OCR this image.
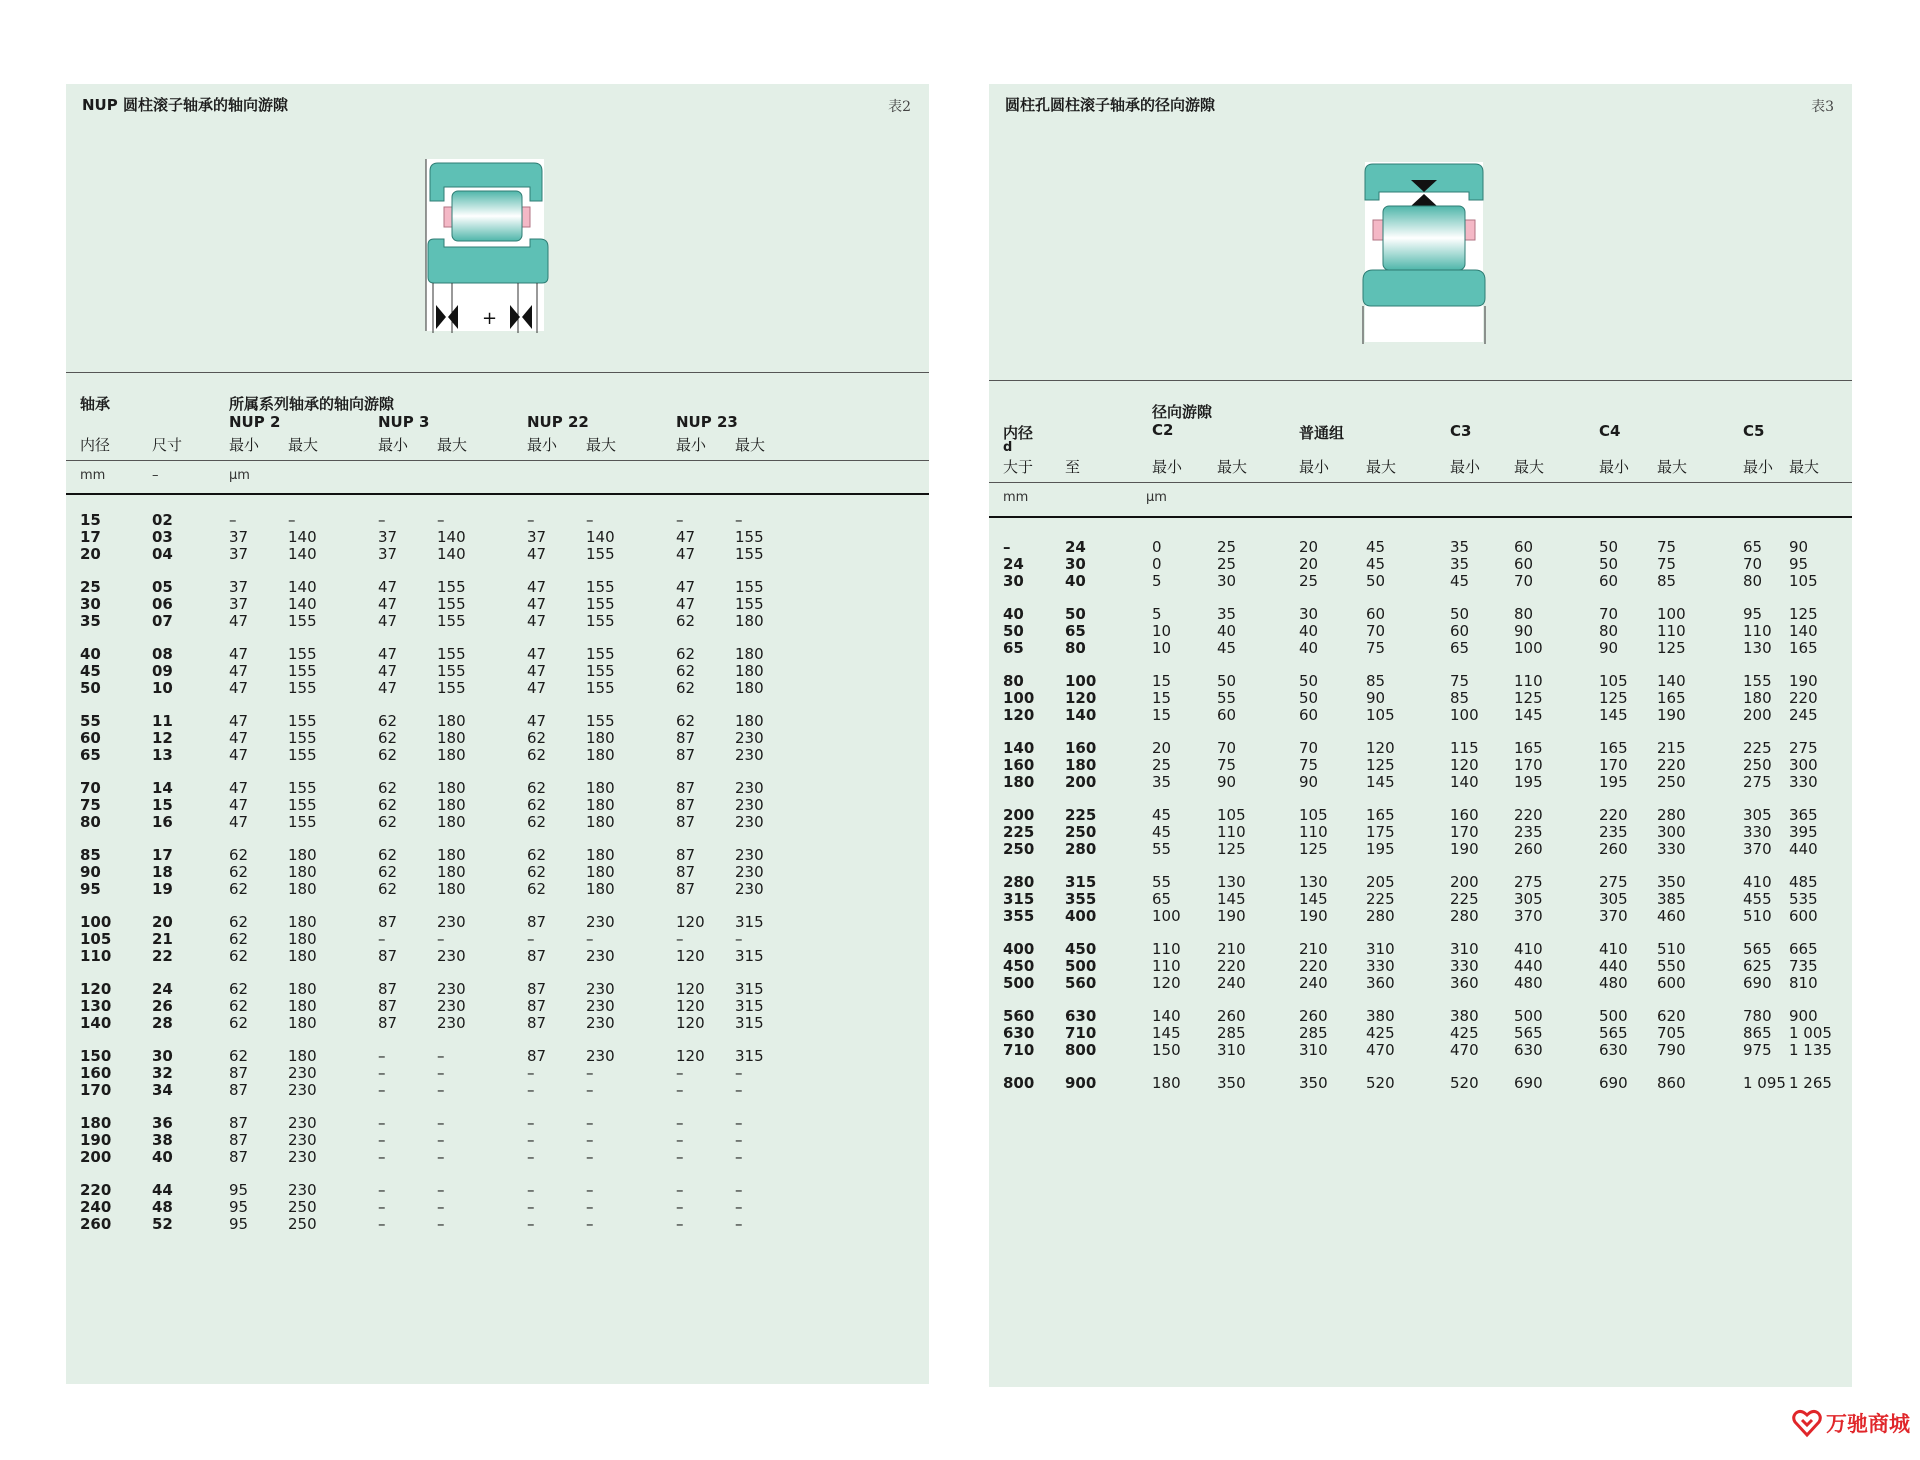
NUP 圆柱滚子轴承的轴向游隙	表2
+
轴承	所属系列轴承的轴向游隙
NUP 2	NUP 3	NUP 22	NUP 23
内径	尺寸	最小 最大	最小 最大	最小 最大	最小 最大
mm	–	µm
15	02	–	–	–	–	–	–	–	–
17	03	37	140	37	140	37	140	47	155
20	04	37	140	37	140	47	155	47	155
25	05	37	140	47	155	47	155	47	155
30	06	37	140	47	155	47	155	47	155
35	07	47	155	47	155	47	155	62	180
40	08	47	155	47	155	47	155	62	180
45	09	47	155	47	155	47	155	62	180
50	10	47	155	47	155	47	155	62	180
55	11	47	155	62	180	47	155	62	180
60	12	47	155	62	180	62	180	87	230
65	13	47	155	62	180	62	180	87	230
70	14	47	155	62	180	62	180	87	230
75	15	47	155	62	180	62	180	87	230
80	16	47	155	62	180	62	180	87	230
85	17	62	180	62	180	62	180	87	230
90	18	62	180	62	180	62	180	87	230
95	19	62	180	62	180	62	180	87	230
100	20	62	180	87	230	87	230	120	315
105	21	62	180	–	–	–	–	–	–
110	22	62	180	87	230	87	230	120	315
120	24	62	180	87	230	87	230	120	315
130	26	62	180	87	230	87	230	120	315
140	28	62	180	87	230	87	230	120	315
150	30	62	180	–	–	87	230	120	315
160	32	87	230	–	–	–	–	–	–
170	34	87	230	–	–	–	–	–	–
180	36	87	230	–	–	–	–	–	–
190	38	87	230	–	–	–	–	–	–
200	40	87	230	–	–	–	–	–	–
220	44	95	230	–	–	–	–	–	–
240	48	95	250	–	–	–	–	–	–
260	52	95	250	–	–	–	–	–	–
圆柱孔圆柱滚子轴承的径向游隙	表3
径向游隙
内径
d
C2	普通组	C3	C4	C5
大于 至	最小 最大	最小 最大	最小 最大	最小 最大	最小 最大
mm	µm
–	24	0	25	20	45	35	60	50	75	65	90
24	30	0	25	20	45	35	60	50	75	70	95
30	40	5	30	25	50	45	70	60	85	80	105
40	50	5	35	30	60	50	80	70	100	95	125
50	65	10	40	40	70	60	90	80	110	110	140
65	80	10	45	40	75	65	100	90	125	130	165
80	100	15	50	50	85	75	110	105	140	155	190
100	120	15	55	50	90	85	125	125	165	180	220
120	140	15	60	60	105	100	145	145	190	200	245
140	160	20	70	70	120	115	165	165	215	225	275
160	180	25	75	75	125	120	170	170	220	250	300
180	200	35	90	90	145	140	195	195	250	275	330
200	225	45	105	105	165	160	220	220	280	305	365
225	250	45	110	110	175	170	235	235	300	330	395
250	280	55	125	125	195	190	260	260	330	370	440
280	315	55	130	130	205	200	275	275	350	410	485
315	355	65	145	145	225	225	305	305	385	455	535
355	400	100	190	190	280	280	370	370	460	510	600
400	450	110	210	210	310	310	410	410	510	565	665
450	500	110	220	220	330	330	440	440	550	625	735
500	560	120	240	240	360	360	480	480	600	690	810
560	630	140	260	260	380	380	500	500	620	780	900
630	710	145	285	285	425	425	565	565	705	865	1 005
710	800	150	310	310	470	470	630	630	790	975	1 135
800	900	180	350	350	520	520	690	690	860	1 095	1 265
万驰商城
